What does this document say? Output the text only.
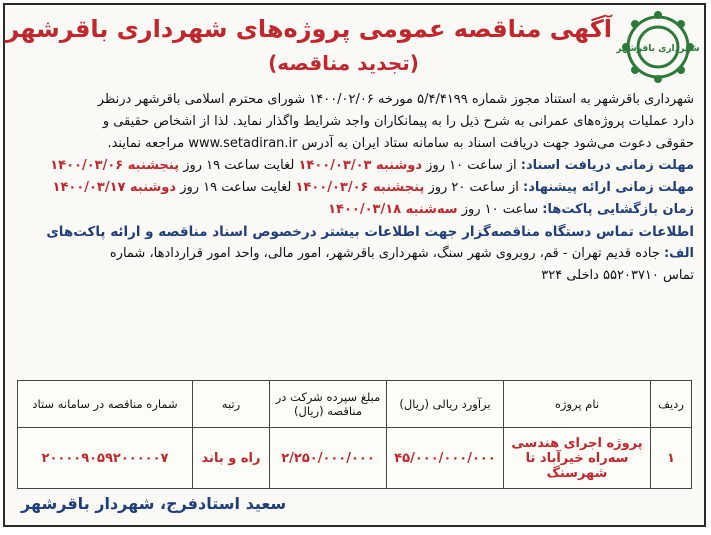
شهرداری باقرشهر
آگهی مناقصه عمومی پروژه‌های شهرداری باقرشهر
(تجدید مناقصه)
شهرداری باقرشهر به استناد مجوز شماره ۵/۴/۴۱۹۹ مورخه ۱۴۰۰/۰۲/۰۶ شورای محترم اسلامی باقرشهر درنظر
دارد عملیات پروژه‌های عمرانی به شرح ذیل را به پیمانکاران واجد شرایط واگذار نماید. لذا از اشخاص حقیقی و
حقوقی دعوت می‌شود جهت دریافت اسناد به سامانه ستاد ایران به آدرس www.setadiran.ir مراجعه نمایند.
مهلت زمانی دریافت اسناد: از ساعت ۱۰ روز دوشنبه ۱۴۰۰/۰۳/۰۳ لغایت ساعت ۱۹ روز پنجشنبه ۱۴۰۰/۰۳/۰۶
مهلت زمانی ارائه پیشنهاد: از ساعت ۲۰ روز پنجشنبه ۱۴۰۰/۰۳/۰۶ لغایت ساعت ۱۹ روز دوشنبه ۱۴۰۰/۰۳/۱۷
زمان بازگشایی پاکت‌ها: ساعت ۱۰ روز سه‌شنبه ۱۴۰۰/۰۳/۱۸
اطلاعات تماس دستگاه مناقصه‌گزار جهت اطلاعات بیشتر درخصوص اسناد مناقصه و ارائه پاکت‌های
الف: جاده قدیم تهران - قم، روبروی شهر سنگ، شهرداری باقرشهر، امور مالی، واحد امور قراردادها، شماره
تماس ۵۵۲۰۳۷۱۰ داخلی ۳۲۴
ردیف	نام پروژه	برآورد ریالی (ریال)	مبلغ سپرده شرکت در مناقصه (ریال)	رتبه	شماره مناقصه در سامانه ستاد
۱	پروژه اجرای هندسی سه‌راه خیرآباد تا شهرسنگ	۴۵/۰۰۰/۰۰۰/۰۰۰	۲/۲۵۰/۰۰۰/۰۰۰	راه و باند	۲۰۰۰۰۹۰۵۹۲۰۰۰۰۰۷
سعید استادفرج، شهردار باقرشهر
